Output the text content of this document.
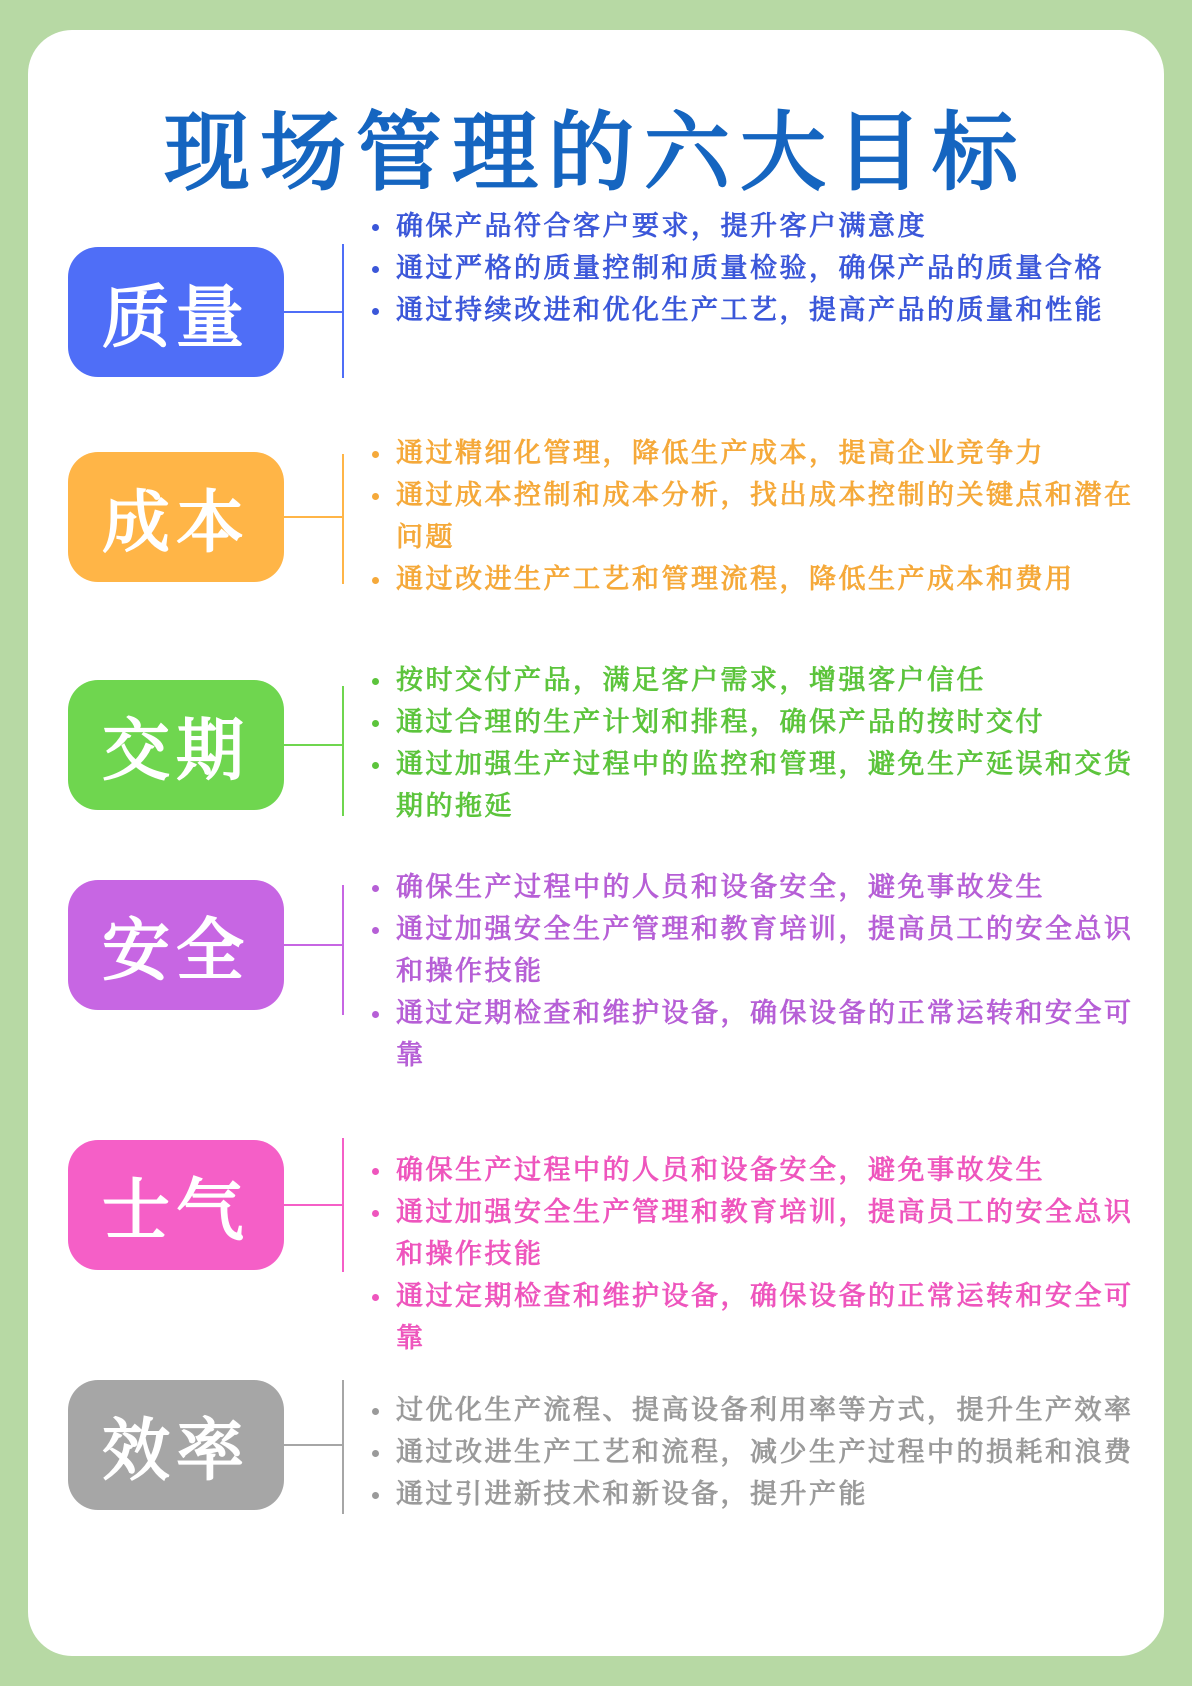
现场管理的六大目标
质量
确保产品符合客户要求，提升客户满意度
通过严格的质量控制和质量检验，确保产品的质量合格
通过持续改进和优化生产工艺，提高产品的质量和性能
成本
通过精细化管理，降低生产成本，提高企业竞争力
通过成本控制和成本分析，找出成本控制的关键点和潜在问题
通过改进生产工艺和管理流程，降低生产成本和费用
交期
按时交付产品，满足客户需求，增强客户信任
通过合理的生产计划和排程，确保产品的按时交付
通过加强生产过程中的监控和管理，避免生产延误和交货期的拖延
安全
确保生产过程中的人员和设备安全，避免事故发生
通过加强安全生产管理和教育培训，提高员工的安全总识和操作技能
通过定期检查和维护设备，确保设备的正常运转和安全可靠
士气
确保生产过程中的人员和设备安全，避免事故发生
通过加强安全生产管理和教育培训，提高员工的安全总识和操作技能
通过定期检查和维护设备，确保设备的正常运转和安全可靠
效率
过优化生产流程、提高设备利用率等方式，提升生产效率
通过改进生产工艺和流程，减少生产过程中的损耗和浪费
通过引进新技术和新设备，提升产能
